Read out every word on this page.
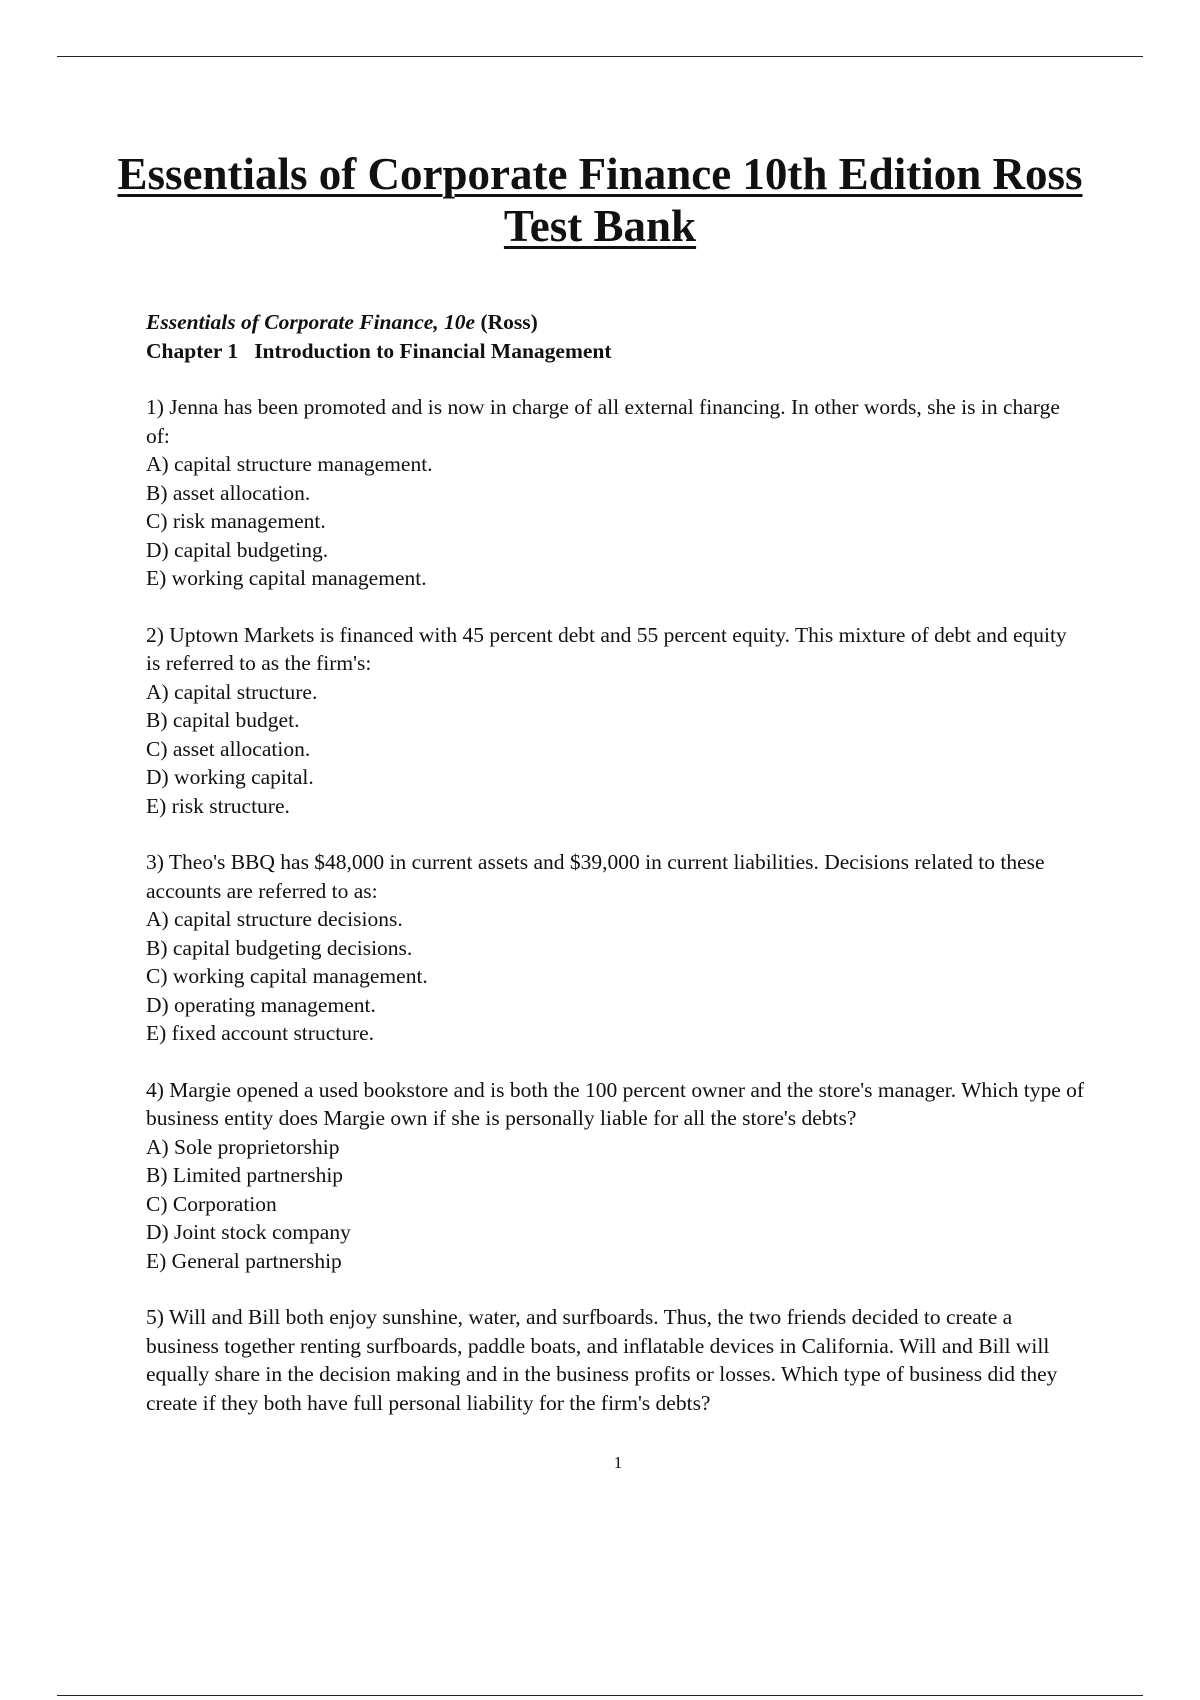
Essentials of Corporate Finance 10th Edition Ross
Test Bank
Essentials of Corporate Finance, 10e (Ross)
Chapter 1 Introduction to Financial Management

1) Jenna has been promoted and is now in charge of all external financing. In other words, she is in charge of:

A) capital structure management.

B) asset allocation.

C) risk management.

D) capital budgeting.

E) working capital management.

2) Uptown Markets is financed with 45 percent debt and 55 percent equity. This mixture of debt and equity is referred to as the firm's:

A) capital structure.

B) capital budget.

C) asset allocation.

D) working capital.

E) risk structure.

3) Theo's BBQ has $48,000 in current assets and $39,000 in current liabilities. Decisions related to these accounts are referred to as:

A) capital structure decisions.

B) capital budgeting decisions.

C) working capital management.

D) operating management.

E) fixed account structure.

4) Margie opened a used bookstore and is both the 100 percent owner and the store's manager. Which type of business entity does Margie own if she is personally liable for all the store's debts?

A) Sole proprietorship

B) Limited partnership

C) Corporation

D) Joint stock company

E) General partnership

5) Will and Bill both enjoy sunshine, water, and surfboards. Thus, the two friends decided to create a business together renting surfboards, paddle boats, and inflatable devices in California. Will and Bill will equally share in the decision making and in the business profits or losses. Which type of business did they create if they both have full personal liability for the firm's debts?

1
